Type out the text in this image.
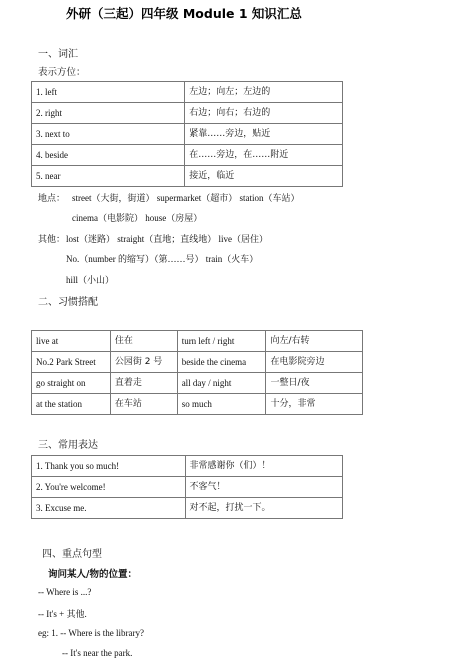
外研（三起）四年级 Module 1 知识汇总
一、词汇
表示方位：
1. left	左边；向左；左边的
2. right	右边；向右；右边的
3. next to	紧靠……旁边，贴近
4. beside	在……旁边，在……附近
5. near	接近，临近
地点： street（大街，街道） supermarket（超市） station（车站）
cinema（电影院） house（房屋）
其他： lost（迷路） straight（直地；直线地） live（居住）
No.（number 的缩写）（第……号） train（火车）
hill（小山）
二、习惯搭配
live at	住在	turn left / right	向左/右转
No.2 Park Street	公园街 2 号	beside the cinema	在电影院旁边
go straight on	直着走	all day / night	一整日/夜
at the station	在车站	so much	十分，非常
三、常用表达
1. Thank you so much!	非常感谢你（们）！
2. You're welcome!	不客气！
3. Excuse me.	对不起，打扰一下。
四、重点句型
询问某人/物的位置：
-- Where is ...?
-- It's + 其他.
eg: 1. -- Where is the library?
-- It's near the park.
